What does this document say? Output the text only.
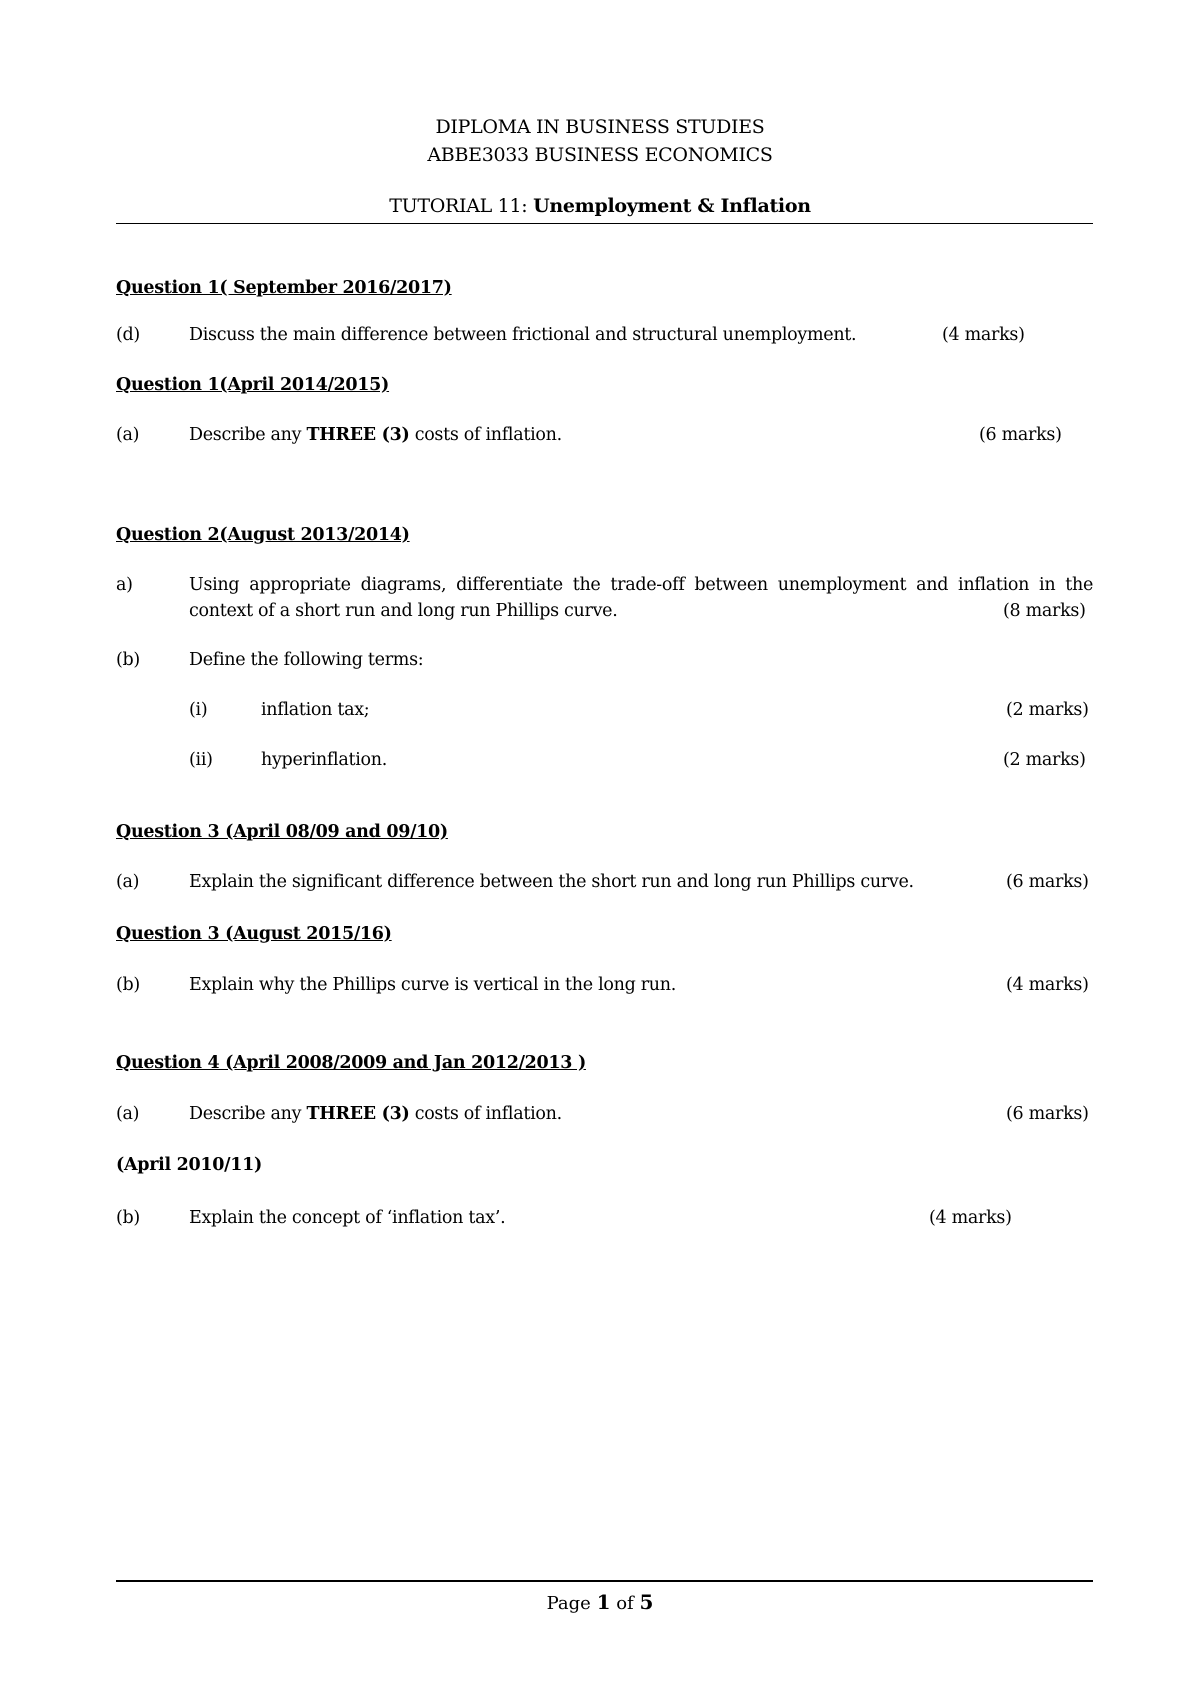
DIPLOMA IN BUSINESS STUDIES

ABBE3033 BUSINESS ECONOMICS

TUTORIAL 11: Unemployment & Inflation

Question 1( September 2016/2017)

(d)	Discuss the main difference between frictional and structural unemployment.	(4 marks)

Question 1(April 2014/2015)

(a)	Describe any THREE (3) costs of inflation.	(6 marks)

Question 2(August 2013/2014)

a)	Using appropriate diagrams, differentiate the trade-off between unemployment and inflation in the

context of a short run and long run Phillips curve.	(8 marks)

(b)	Define the following terms:

(i)	inflation tax;	(2 marks)

(ii)	hyperinflation.	(2 marks)

Question 3 (April 08/09 and 09/10)

(a)	Explain the significant difference between the short run and long run Phillips curve.	(6 marks)

Question 3 (August 2015/16)

(b)	Explain why the Phillips curve is vertical in the long run.	(4 marks)

Question 4 (April 2008/2009 and Jan 2012/2013 )

(a)	Describe any THREE (3) costs of inflation.	(6 marks)

(April 2010/11)

(b)	Explain the concept of ‘inflation tax’.	(4 marks)

Page 1 of 5
